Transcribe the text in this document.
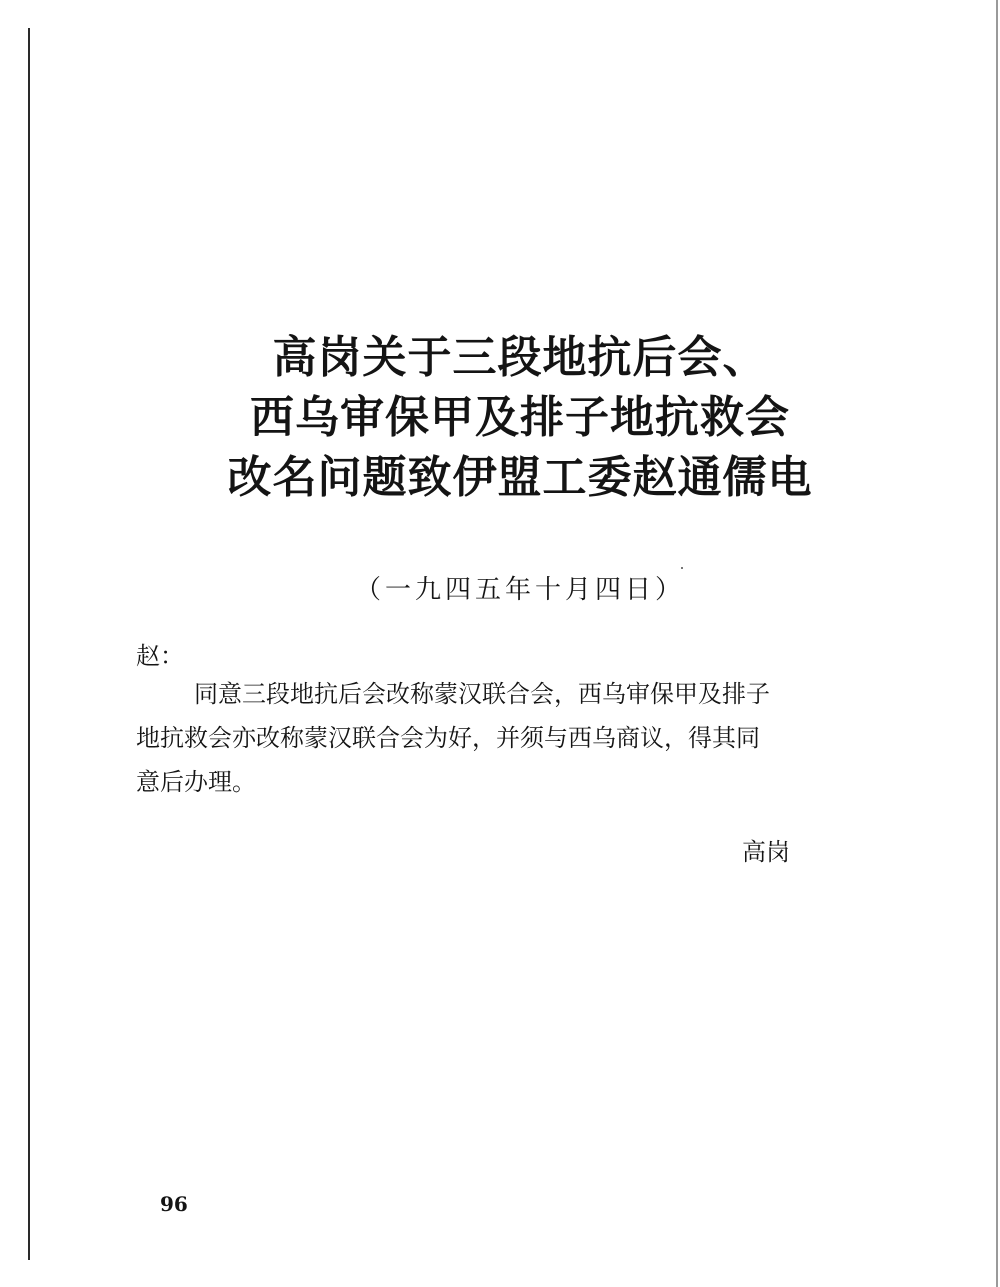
高岗关于三段地抗后会、
西乌审保甲及排子地抗救会
改名问题致伊盟工委赵通儒电
（一九四五年十月四日）
赵：
同意三段地抗后会改称蒙汉联合会，西乌审保甲及排子
地抗救会亦改称蒙汉联合会为好，并须与西乌商议，得其同
意后办理。
高岗
96
